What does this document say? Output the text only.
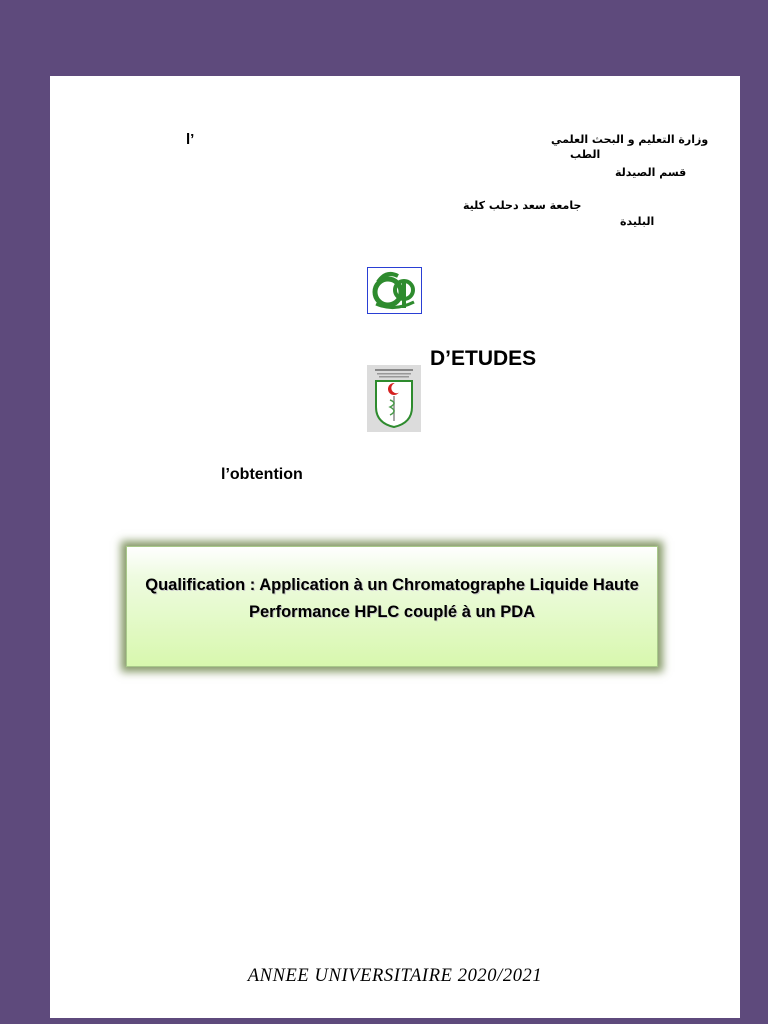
l’	وزارة التعليم و البحث العلمي
الطب
قسم الصيدلة
جامعة سعد دحلب كلية
البليدة
D’ETUDES
l’obtention
Qualification : Application à un Chromatographe Liquide Haute
Performance HPLC couplé à un PDA
ANNEE UNIVERSITAIRE 2020/2021
